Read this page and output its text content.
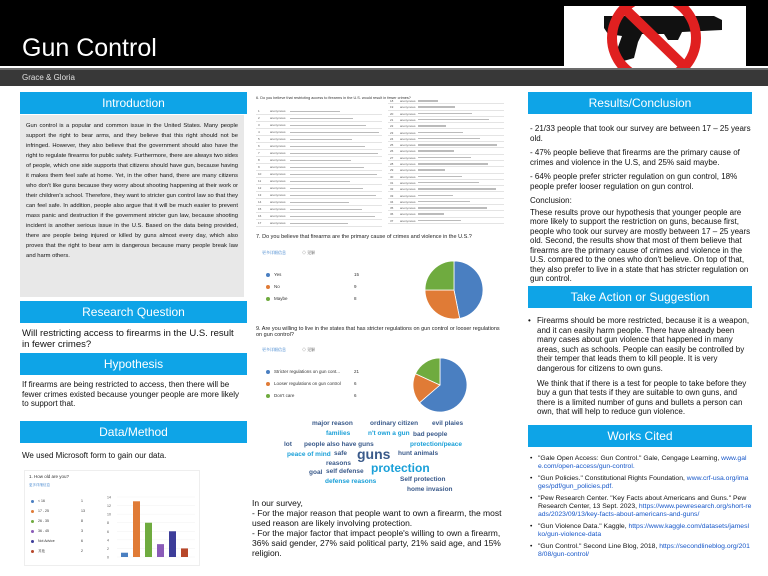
Gun Control
Grace & Gloria
Introduction
Gun control is a popular and common issue in the United States. Many people support the right to bear arms, and they believe that this right should not be infringed. However, they also believe that the government should also have the right to regulate firearms for public safety. Furthermore, there are always two sides of people, which one side supports that citizens should have gun, because having it makes them feel safe at home. Yet, in the other hand, there are many citizens who don't like guns because they worry about shooting happening at their work or their children's school. Therefore, they want to stricter gun control law so that they can feel safe. In addition, people also argue that it will be much easier to prevent mass panic and destruction if the government stricter gun law, because shooting incident is another serious issue in the U.S. Based on the data being provided, there are people being injured or killed by guns almost every day, which also proves that the right to bear arm is dangerous because many people break law and harm others.
Research Question
Will restricting access to firearms in the U.S. result in fewer crimes?
Hypothesis
If firearms are being restricted to access, then there will be fewer crimes existed because younger people are more likely to support that.
Data/Method
We used Microsoft form to gain our data.
1. How old are you?
更多详细信息
< 16	1
17 - 25	13
26 - 35	8
36 - 45	3
Not Advice	6
其他	2
14
12
10
8
6
4
2
0
6. Do you believe that restricting access to firearms in the U.S. would result in fewer crimes?
1	anonymous
2	anonymous
3	anonymous
4	anonymous
5	anonymous
6	anonymous
7	anonymous
8	anonymous
9	anonymous
10	anonymous
11	anonymous
12	anonymous
13	anonymous
14	anonymous
15	anonymous
16	anonymous
17	anonymous
18 anonymous
19 anonymous
20 anonymous
21 anonymous
22 anonymous
23 anonymous
24 anonymous
25 anonymous
26 anonymous
27 anonymous
28 anonymous
29 anonymous
30 anonymous
31 anonymous
32 anonymous
33 anonymous
34 anonymous
35 anonymous
36 anonymous
37 anonymous
7. Do you believe that firearms are the primary cause of crimes and violence in the U.S.?
更多详细信息	◇ 见解
Yes	15
No	9
Maybe	8
9. Are you willing to live in the states that has stricter regulations on gun control or looser regulations on gun control?
更多详细信息	◇ 见解
Stricter regulations on gun cont...	21
Looser regulations on gun control	6
Don't care	6
major reason	ordinary citizen evil plaies
families	n't own a gun
lot people also have guns
bad people
protection/peace
safe guns hunt animals
peace of mind
reasons
goal self defense protection
defense reasons	Self protection
home invasion
In our survey,
- For the major reason that people want to own a firearm, the most used reason are likely involving protection.
- For the major factor that impact people's willing to own a firearm, 36% said gender, 27% said political party, 21% said age, and 15% religion.
Results/Conclusion

- 21/33 people that took our survey are between 17 – 25 years old.

- 47% people believe that firearms are the primary cause of crimes and violence in the U.S, and 25% said maybe.

- 64% people prefer stricter regulation on gun control, 18% people prefer looser regulation on gun control.

Conclusion:

These results prove our hypothesis that younger people are more likely to support the restriction on guns, because first, people who took our survey are mostly between 17 – 25 years old. Second, the results show that most of them believe that firearms are the primary cause of crimes and violence in the U.S. compared to the ones who don't believe. On top of that, they also prefer to live in a state that has stricter regulation on gun control.

Take Action or Suggestion

• Firearms should be more restricted, because it is a weapon, and it can easily harm people. There have already been many cases about gun violence that happened in many areas, such as schools. People can easily be controlled by their temper that leads them to kill people. It is very dangerous for citizens to own guns.

We think that if there is a test for people to take before they buy a gun that tests if they are suitable to own guns, and there is a limited number of guns and bullets a person can own, that will help to reduce gun violence.

Works Cited
• "Gale Open Access: Gun Control." Gale, Cengage Learning, www.gale.com/open-access/gun-control.
• "Gun Policies." Constitutional Rights Foundation, www.crf-usa.org/images/pdf/gun_policies.pdf.
• "Pew Research Center. "Key Facts about Americans and Guns." Pew Research Center, 13 Sept. 2023, https://www.pewresearch.org/short-reads/2023/09/13/key-facts-about-americans-and-guns/
• "Gun Violence Data." Kaggle, https://www.kaggle.com/datasets/jameslko/gun-violence-data
• "Gun Control." Second Line Blog, 2018, https://secondlineblog.org/2018/08/gun-control/
